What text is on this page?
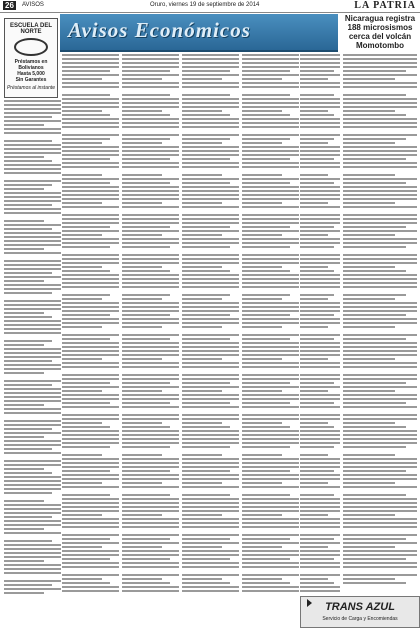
26	AVISOS	Oruro, viernes 19 de septiembre de 2014	LA PATRIA
Avisos Económicos
ESCUELA DEL NORTE
Préstamos en Bolivianos
Hasta 5,000
Sin Garantes
Préstamos al instante
Nicaragua registra 188 microsismos cerca del volcán Momotombo
TRANS AZUL
Servicio de Carga y Encomiendas
